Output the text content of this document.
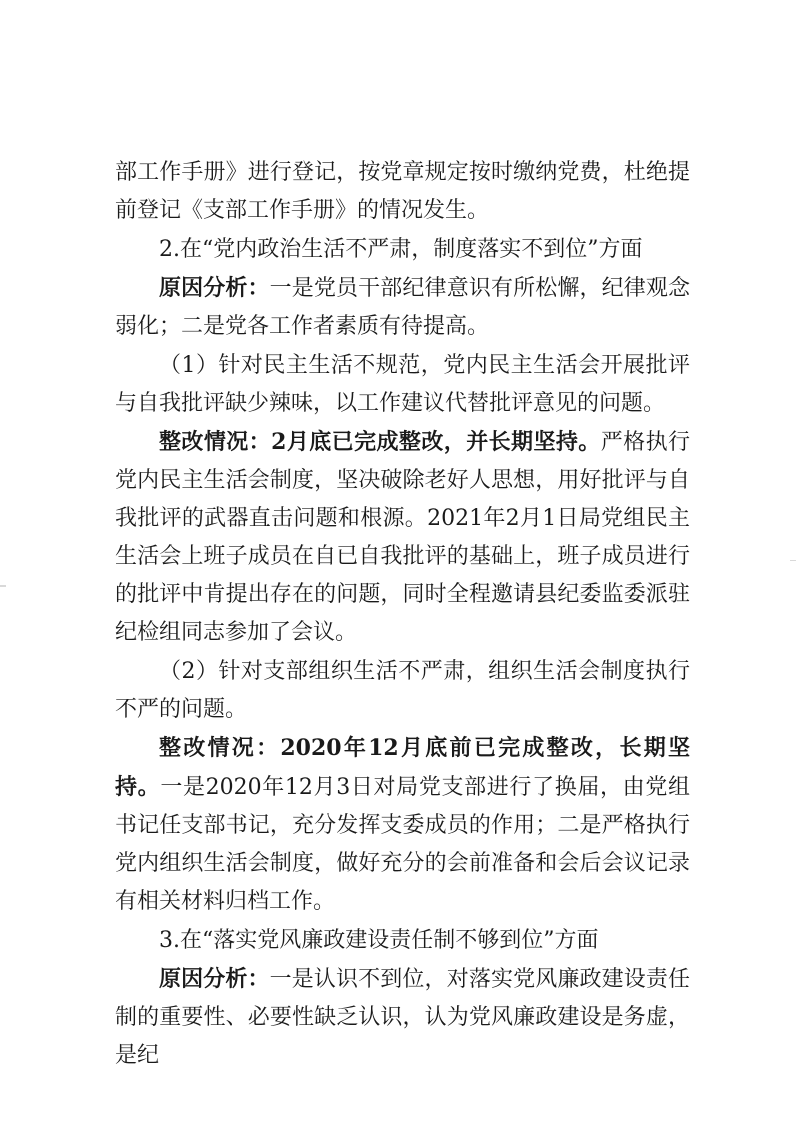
部工作手册》进行登记，按党章规定按时缴纳党费，杜绝提前登记《支部工作手册》的情况发生。

2.在“党内政治生活不严肃，制度落实不到位”方面

原因分析：一是党员干部纪律意识有所松懈，纪律观念弱化；二是党各工作者素质有待提高。

（1）针对民主生活不规范，党内民主生活会开展批评与自我批评缺少辣味，以工作建议代替批评意见的问题。

整改情况：2月底已完成整改，并长期坚持。严格执行党内民主生活会制度，坚决破除老好人思想，用好批评与自我批评的武器直击问题和根源。2021年2月1日局党组民主生活会上班子成员在自已自我批评的基础上，班子成员进行的批评中肯提出存在的问题，同时全程邀请县纪委监委派驻纪检组同志参加了会议。

（2）针对支部组织生活不严肃，组织生活会制度执行不严的问题。

整改情况：2020年12月底前已完成整改，长期坚持。一是2020年12月3日对局党支部进行了换届，由党组书记任支部书记，充分发挥支委成员的作用；二是严格执行党内组织生活会制度，做好充分的会前准备和会后会议记录有相关材料归档工作。

3.在“落实党风廉政建设责任制不够到位”方面

原因分析：一是认识不到位，对落实党风廉政建设责任制的重要性、必要性缺乏认识，认为党风廉政建设是务虚，是纪
